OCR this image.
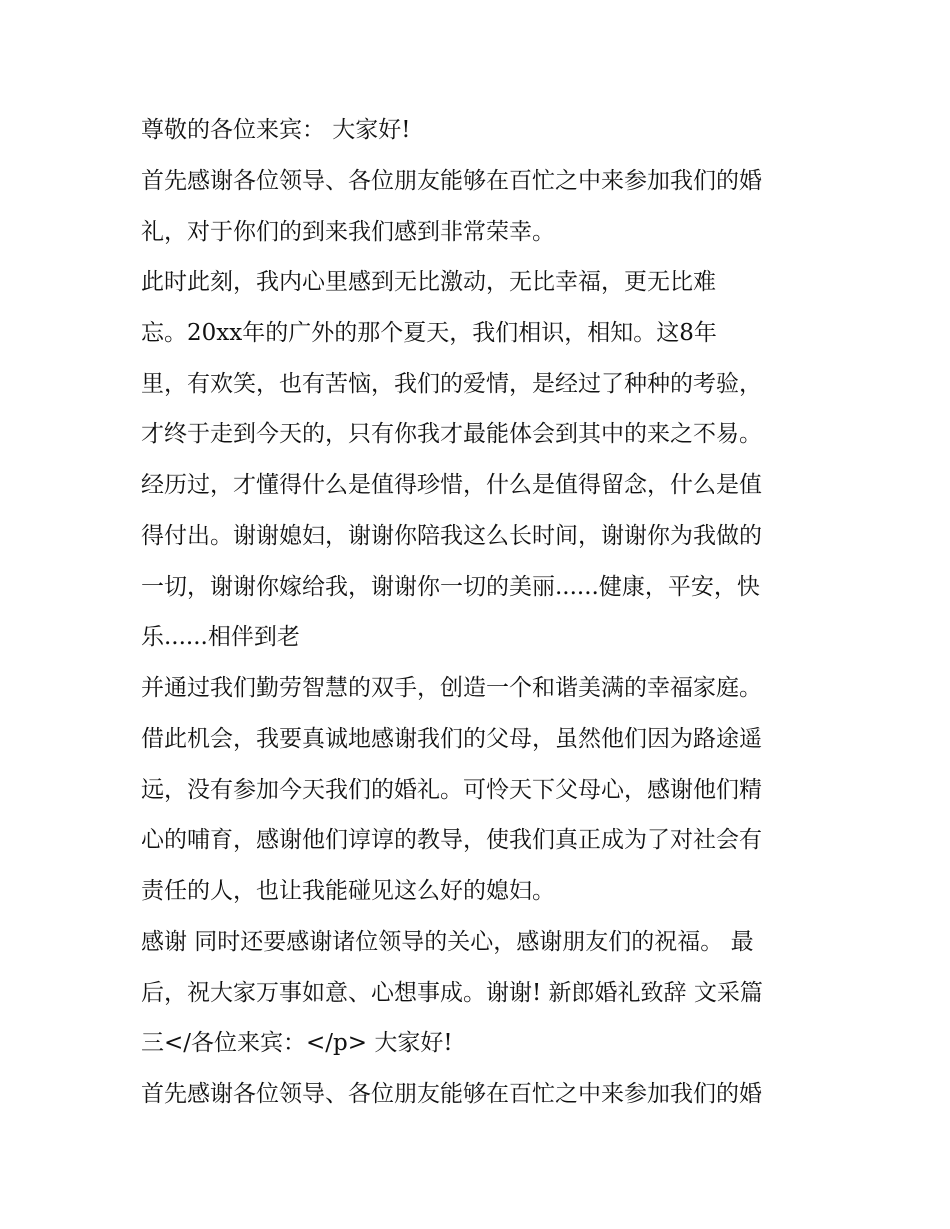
尊敬的各位来宾： 大家好!
首先感谢各位领导、各位朋友能够在百忙之中来参加我们的婚
礼，对于你们的到来我们感到非常荣幸。
此时此刻，我内心里感到无比激动，无比幸福，更无比难
忘。20xx年的广外的那个夏天，我们相识，相知。这8年
里，有欢笑，也有苦恼，我们的爱情，是经过了种种的考验，
才终于走到今天的，只有你我才最能体会到其中的来之不易。
经历过，才懂得什么是值得珍惜，什么是值得留念，什么是值
得付出。谢谢媳妇，谢谢你陪我这么长时间，谢谢你为我做的
一切，谢谢你嫁给我，谢谢你一切的美丽......健康，平安，快
乐......相伴到老
并通过我们勤劳智慧的双手，创造一个和谐美满的幸福家庭。
借此机会，我要真诚地感谢我们的父母，虽然他们因为路途遥
远，没有参加今天我们的婚礼。可怜天下父母心，感谢他们精
心的哺育，感谢他们谆谆的教导，使我们真正成为了对社会有
责任的人，也让我能碰见这么好的媳妇。
感谢 同时还要感谢诸位领导的关心，感谢朋友们的祝福。 最
后，祝大家万事如意、心想事成。谢谢! 新郎婚礼致辞 文采篇
三</各位来宾：</p> 大家好!
首先感谢各位领导、各位朋友能够在百忙之中来参加我们的婚
